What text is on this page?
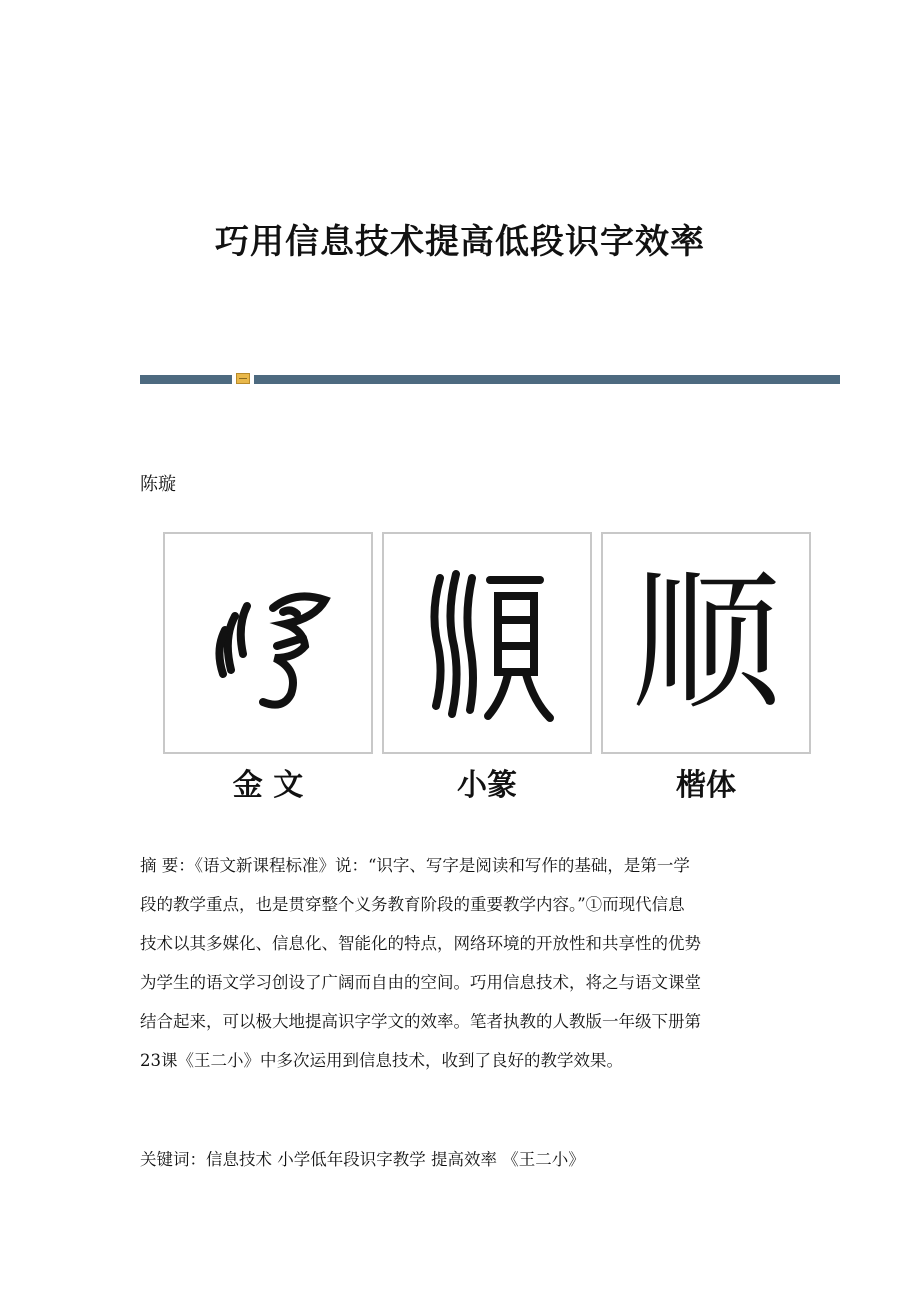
巧用信息技术提高低段识字效率
陈璇
顺
金 文	小篆	楷体
摘 要：《语文新课程标准》说：“识字、写字是阅读和写作的基础，是第一学
段的教学重点，也是贯穿整个义务教育阶段的重要教学内容。”①而现代信息
技术以其多媒化、信息化、智能化的特点，网络环境的开放性和共享性的优势
为学生的语文学习创设了广阔而自由的空间。巧用信息技术，将之与语文课堂
结合起来，可以极大地提高识字学文的效率。笔者执教的人教版一年级下册第
23课《王二小》中多次运用到信息技术，收到了良好的教学效果。
关键词：信息技术 小学低年段识字教学 提高效率 《王二小》
